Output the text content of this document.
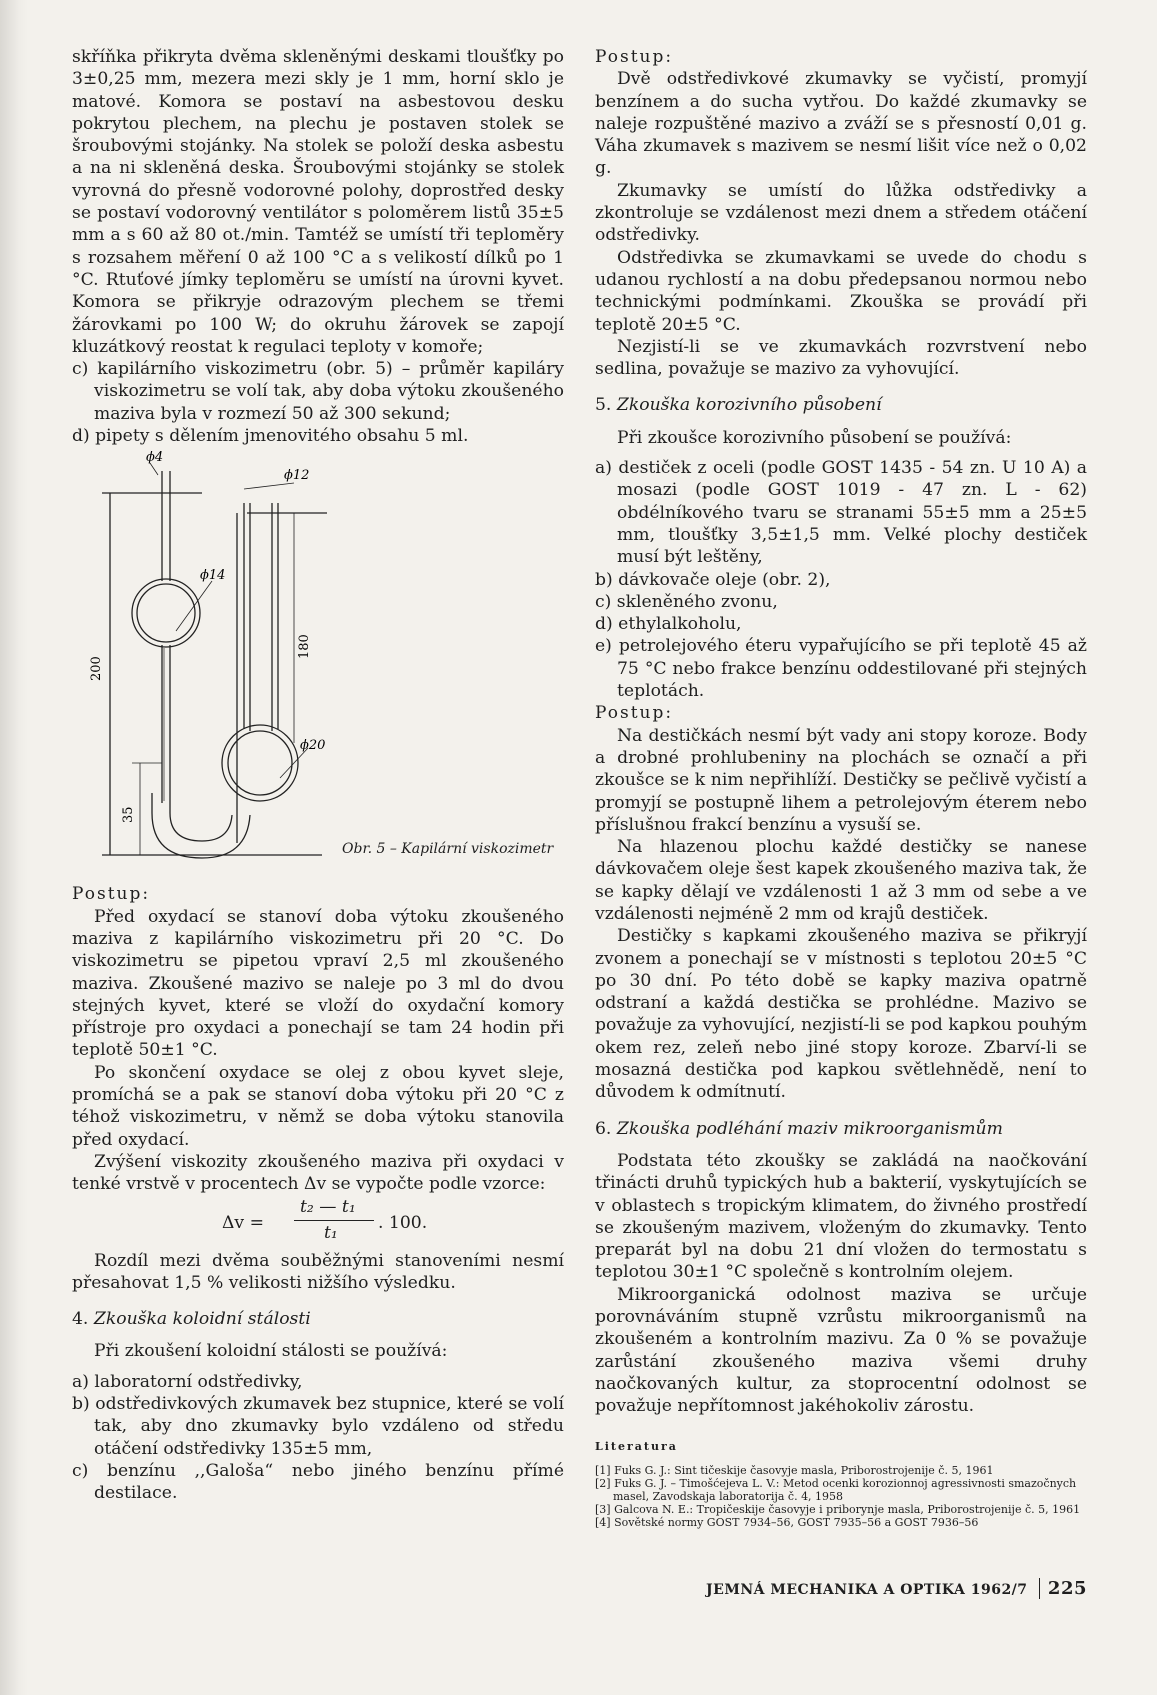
skříňka přikryta dvěma skleněnými deskami tloušťky po 3±0,25 mm, mezera mezi skly je 1 mm, horní sklo je matové. Komora se postaví na asbestovou desku pokrytou plechem, na plechu je postaven stolek se šroubovými stojánky. Na stolek se položí deska asbestu a na ni skleněná deska. Šroubovými stojánky se stolek vyrovná do přesně vodorovné polohy, doprostřed desky se postaví vodorovný ventilátor s poloměrem listů 35±5 mm a s 60 až 80 ot./min. Tamtéž se umístí tři teploměry s rozsahem měření 0 až 100 °C a s velikostí dílků po 1 °C. Rtuťové jímky teploměru se umístí na úrovni kyvet. Komora se přikryje odrazovým plechem se třemi žárovkami po 100 W; do okruhu žárovek se zapojí kluzátkový reostat k regulaci teploty v komoře;

c) kapilárního viskozimetru (obr. 5) – průměr kapiláry viskozimetru se volí tak, aby doba výtoku zkoušeného maziva byla v rozmezí 50 až 300 sekund;

d) pipety s dělením jmenovitého obsahu 5 ml.

ϕ4
ϕ12
ϕ14
ϕ20
200
180
35
Obr. 5 – Kapilární viskozimetr

Postup:

Před oxydací se stanoví doba výtoku zkoušeného maziva z kapilárního viskozimetru při 20 °C. Do viskozimetru se pipetou vpraví 2,5 ml zkoušeného maziva. Zkoušené mazivo se naleje po 3 ml do dvou stejných kyvet, které se vloží do oxydační komory přístroje pro oxydaci a ponechají se tam 24 hodin při teplotě 50±1 °C.

Po skončení oxydace se olej z obou kyvet sleje, promíchá se a pak se stanoví doba výtoku při 20 °C z téhož viskozimetru, v němž se doba výtoku stanovila před oxydací.

Zvýšení viskozity zkoušeného maziva při oxydaci v tenké vrstvě v procentech Δv se vypočte podle vzorce:

Δv =
t₂ — t₁
t₁ . 100.

Rozdíl mezi dvěma souběžnými stanoveními nesmí přesahovat 1,5 % velikosti nižšího výsledku.

4. Zkouška koloidní stálosti

Při zkoušení koloidní stálosti se používá:

a) laboratorní odstředivky,

b) odstředivkových zkumavek bez stupnice, které se volí tak, aby dno zkumavky bylo vzdáleno od středu otáčení odstředivky 135±5 mm,

c) benzínu ,,Galoša“ nebo jiného benzínu přímé destilace.

Postup:

Dvě odstředivkové zkumavky se vyčistí, promyjí benzínem a do sucha vytřou. Do každé zkumavky se naleje rozpuštěné mazivo a zváží se s přesností 0,01 g. Váha zkumavek s mazivem se nesmí lišit více než o 0,02 g.

Zkumavky se umístí do lůžka odstředivky a zkontroluje se vzdálenost mezi dnem a středem otáčení odstředivky.

Odstředivka se zkumavkami se uvede do chodu s udanou rychlostí a na dobu předepsanou normou nebo technickými podmínkami. Zkouška se provádí při teplotě 20±5 °C.

Nezjistí-li se ve zkumavkách rozvrstvení nebo sedlina, považuje se mazivo za vyhovující.

5. Zkouška korozivního působení

Při zkoušce korozivního působení se používá:

a) destiček z oceli (podle GOST 1435 - 54 zn. U 10 A) a mosazi (podle GOST 1019 - 47 zn. L - 62) obdélníkového tvaru se stranami 55±5 mm a 25±5 mm, tloušťky 3,5±1,5 mm. Velké plochy destiček musí být leštěny,

b) dávkovače oleje (obr. 2),

c) skleněného zvonu,

d) ethylalkoholu,

e) petrolejového éteru vypařujícího se při teplotě 45 až 75 °C nebo frakce benzínu oddestilované při stejných teplotách.

Postup:

Na destičkách nesmí být vady ani stopy koroze. Body a drobné prohlubeniny na plochách se označí a při zkoušce se k nim nepřihlíží. Destičky se pečlivě vyčistí a promyjí se postupně lihem a petrolejovým éterem nebo příslušnou frakcí benzínu a vysuší se.

Na hlazenou plochu každé destičky se nanese dávkovačem oleje šest kapek zkoušeného maziva tak, že se kapky dělají ve vzdálenosti 1 až 3 mm od sebe a ve vzdálenosti nejméně 2 mm od krajů destiček.

Destičky s kapkami zkoušeného maziva se přikryjí zvonem a ponechají se v místnosti s teplotou 20±5 °C po 30 dní. Po této době se kapky maziva opatrně odstraní a každá destička se prohlédne. Mazivo se považuje za vyhovující, nezjistí-li se pod kapkou pouhým okem rez, zeleň nebo jiné stopy koroze. Zbarví-li se mosazná destička pod kapkou světlehnědě, není to důvodem k odmítnutí.

6. Zkouška podléhání maziv mikroorganismům

Podstata této zkoušky se zakládá na naočkování třinácti druhů typických hub a bakterií, vyskytujících se v oblastech s tropickým klimatem, do živného prostředí se zkoušeným mazivem, vloženým do zkumavky. Tento preparát byl na dobu 21 dní vložen do termostatu s teplotou 30±1 °C společně s kontrolním olejem.

Mikroorganická odolnost maziva se určuje porovnáváním stupně vzrůstu mikroorganismů na zkoušeném a kontrolním mazivu. Za 0 % se považuje zarůstání zkoušeného maziva všemi druhy naočkovaných kultur, za stoprocentní odolnost se považuje nepřítomnost jakéhokoliv zárostu.

Literatura

[1] Fuks G. J.: Sint tičeskije časovyje masla, Priborostrojenije č. 5, 1961

[2] Fuks G. J. – Timošćejeva L. V.: Metod ocenki korozionnoj agressivnosti smazočnych masel, Zavodskaja laboratorija č. 4, 1958

[3] Galcova N. E.: Tropičeskije časovyje i priborynje masla, Priborostrojenije č. 5, 1961

[4] Sovětské normy GOST 7934–56, GOST 7935–56 a GOST 7936–56

JEMNÁ MECHANIKA A OPTIKA 1962/7 225
